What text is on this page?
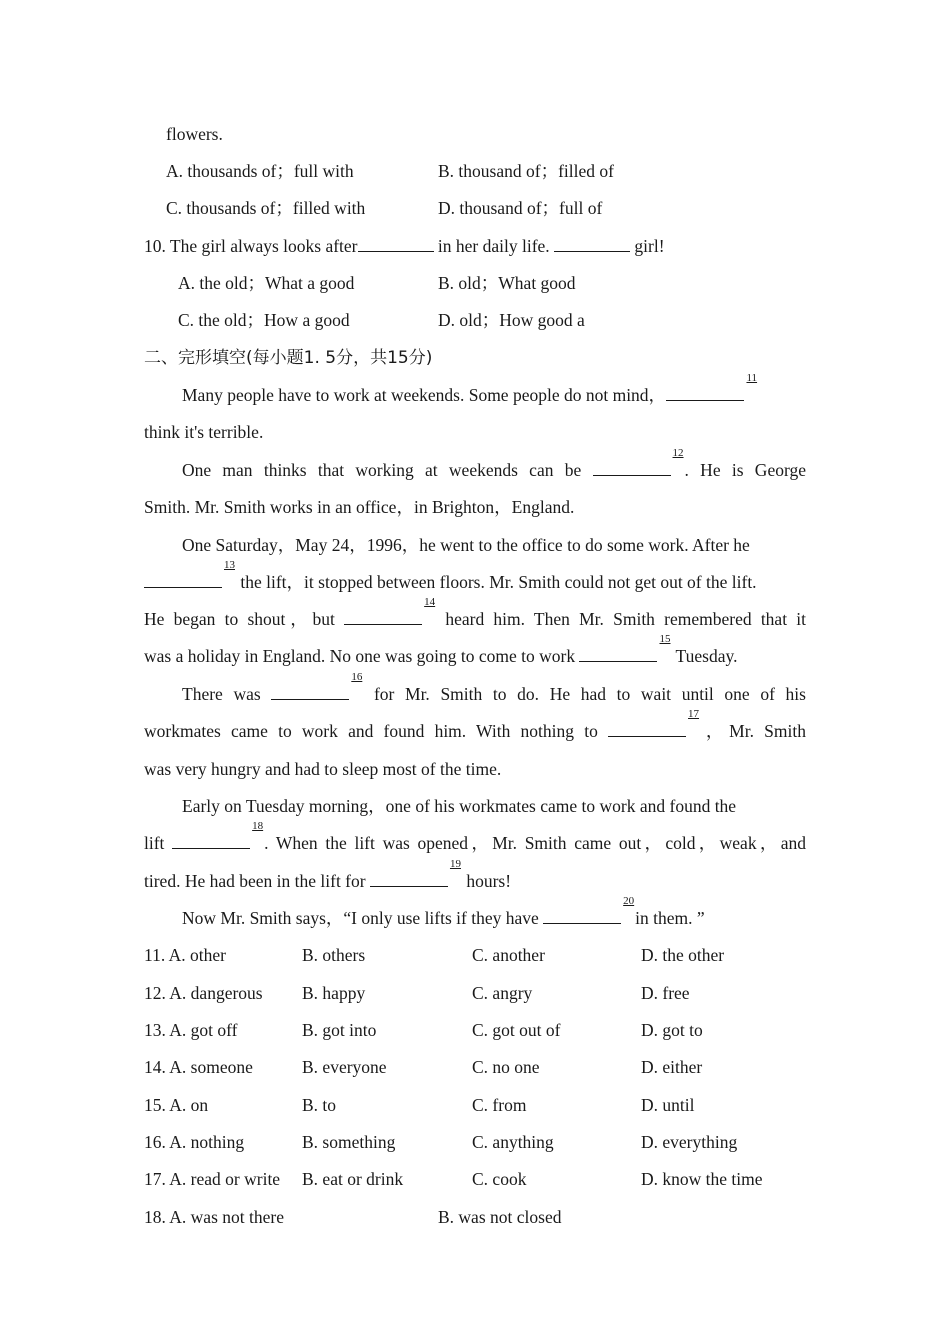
flowers.
A. thousands of；full with	B. thousand of；filled of
C. thousands of；filled with	D. thousand of；full of
10. The girl always looks after	in her daily life.	girl!
A. the old；What a good	B. old；What good
C. the old；How a good	D. old；How good a
二、完形填空(每小题1. 5分，共15分)
Many people have to work at weekends. Some people do not mind，
11
think it's terrible.
One man thinks that working at weekends can be
12
. He is George
Smith. Mr. Smith works in an office，in Brighton，England.
One Saturday，May 24，1996，he went to the office to do some work. After he
13
the lift，it stopped between floors. Mr. Smith could not get out of the lift.
He began to shout，but
14
heard him. Then Mr. Smith remembered that it
was a holiday in England. No one was going to come to work
15
Tuesday.
There was
16
for Mr. Smith to do. He had to wait until one of his
workmates came to work and found him. With nothing to
17
，Mr. Smith
was very hungry and had to sleep most of the time.
Early on Tuesday morning，one of his workmates came to work and found the
lift
18
. When the lift was opened，Mr. Smith came out，cold，weak，and
tired. He had been in the lift for
19
hours!
Now Mr. Smith says，“I only use lifts if they have
20
in them. ”
11. A. other	B. others	C. another	D. the other
12. A. dangerous B. happy	C. angry	D. free
13. A. got off	B. got into	C. got out of	D. got to
14. A. someone	B. everyone	C. no one	D. either
15. A. on	B. to	C. from	D. until
16. A. nothing	B. something	C. anything	D. everything
17. A. read or write B. eat or drink	C. cook	D. know the time
18. A. was not there	B. was not closed
